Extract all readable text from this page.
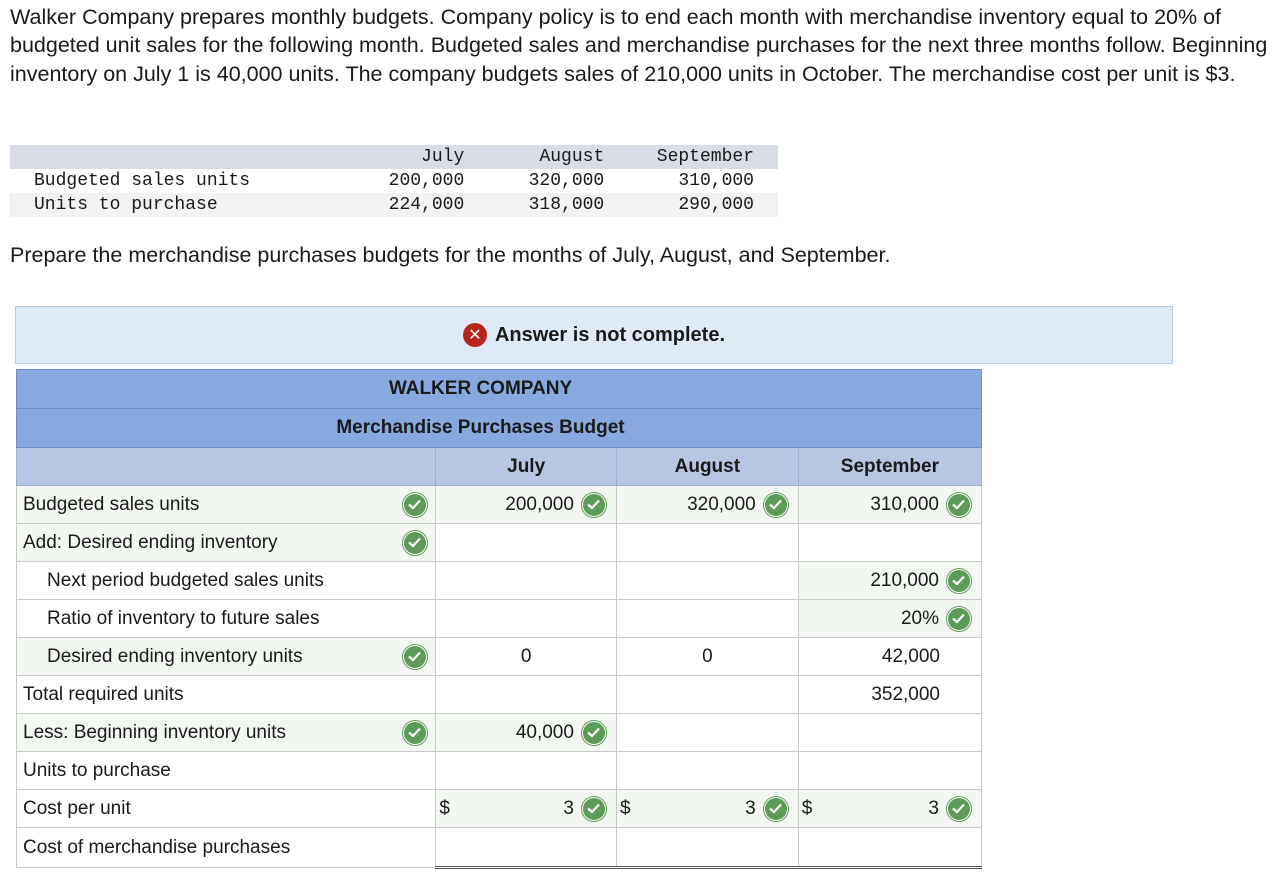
Walker Company prepares monthly budgets. Company policy is to end each month with merchandise inventory equal to 20% of budgeted unit sales for the following month. Budgeted sales and merchandise purchases for the next three months follow. Beginning inventory on July 1 is 40,000 units. The company budgets sales of 210,000 units in October. The merchandise cost per unit is $3.

	July	August	September
Budgeted sales units	200,000	320,000	310,000
Units to purchase	224,000	318,000	290,000

Prepare the merchandise purchases budgets for the months of July, August, and September.

✕ Answer is not complete.
WALKER COMPANY			
Merchandise Purchases Budget			
	July	August	September
Budgeted sales units	200,000	320,000	310,000

Add: Desired ending inventory

Next period budgeted sales units			210,000

Ratio of inventory to future sales			20%

Desired ending inventory units	0	0	42,000

Total required units			352,000

Less: Beginning inventory units	40,000		

Units to purchase			
Cost per unit	$ 3	$ 3	$ 3

Cost of merchandise purchases			
